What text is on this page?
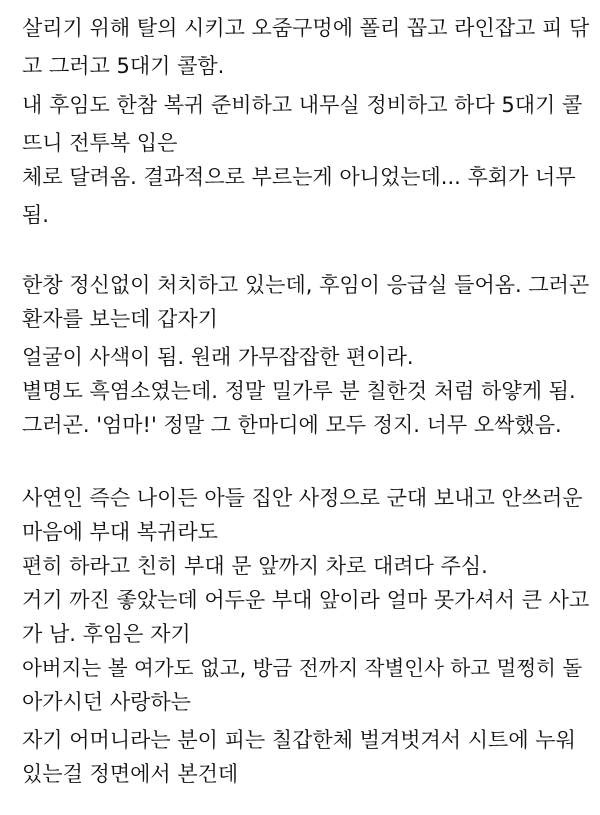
살리기 위해 탈의 시키고 오줌구멍에 폴리 꼽고 라인잡고 피 닦
고 그러고 5대기 콜함.
내 후임도 한참 복귀 준비하고 내무실 정비하고 하다 5대기 콜
뜨니 전투복 입은
체로 달려옴. 결과적으로 부르는게 아니었는데... 후회가 너무
됨.
한창 정신없이 처치하고 있는데, 후임이 응급실 들어옴. 그러곤
환자를 보는데 갑자기
얼굴이 사색이 됨. 원래 가무잡잡한 편이라.
별명도 흑염소였는데. 정말 밀가루 분 칠한것 처럼 하얗게 됨.
그러곤. '엄마!' 정말 그 한마디에 모두 정지. 너무 오싹했음.
사연인 즉슨 나이든 아들 집안 사정으로 군대 보내고 안쓰러운
마음에 부대 복귀라도
편히 하라고 친히 부대 문 앞까지 차로 대려다 주심.
거기 까진 좋았는데 어두운 부대 앞이라 얼마 못가셔서 큰 사고
가 남. 후임은 자기
아버지는 볼 여가도 없고, 방금 전까지 작별인사 하고 멀쩡히 돌
아가시던 사랑하는
자기 어머니라는 분이 피는 칠갑한체 벌겨벗겨서 시트에 누워
있는걸 정면에서 본건데
